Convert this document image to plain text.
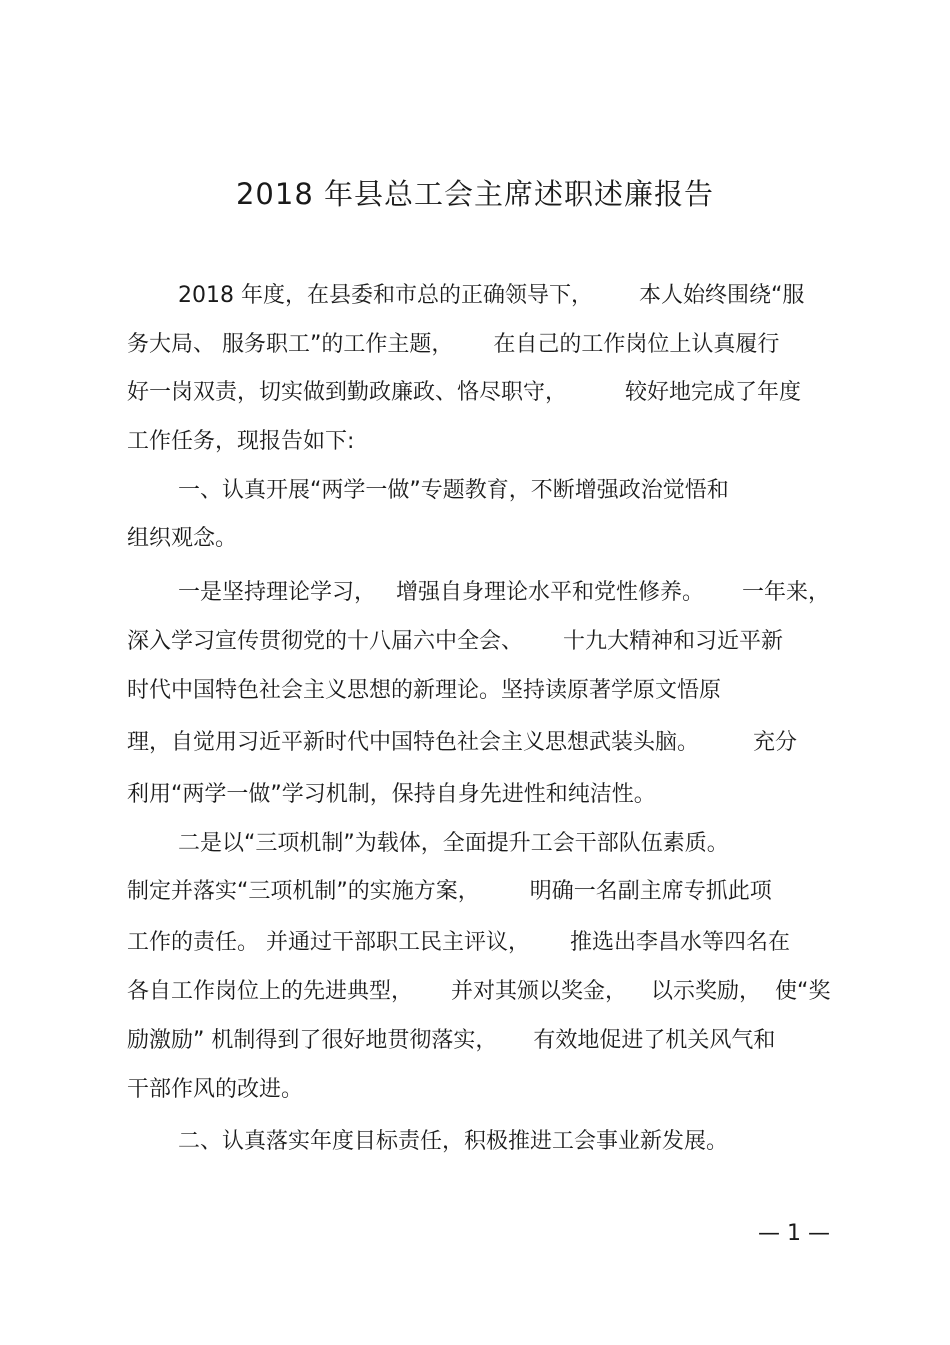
2018 年县总工会主席述职述廉报告
2018 年度，在县委和市总的正确领导下， 本人始终围绕“服
务大局、 服务职工”的工作主题， 在自己的工作岗位上认真履行
好一岗双责，切实做到勤政廉政、恪尽职守，	较好地完成了年度
工作任务，现报告如下:
一、认真开展“两学一做”专题教育，不断增强政治觉悟和
组织观念。
一是坚持理论学习， 增强自身理论水平和党性修养。 一年来，
深入学习宣传贯彻党的十八届六中全会、 十九大精神和习近平新
时代中国特色社会主义思想的新理论。坚持读原著学原文悟原
理，自觉用习近平新时代中国特色社会主义思想武装头脑。 充分
利用“两学一做”学习机制，保持自身先进性和纯洁性。
二是以“三项机制”为载体，全面提升工会干部队伍素质。
制定并落实“三项机制”的实施方案， 明确一名副主席专抓此项
工作的责任。 并通过干部职工民主评议， 推选出李昌水等四名在
各自工作岗位上的先进典型， 并对其颁以奖金， 以示奖励， 使“奖
励激励” 机制得到了很好地贯彻落实， 有效地促进了机关风气和
干部作风的改进。
二、认真落实年度目标责任，积极推进工会事业新发展。
— 1 —
